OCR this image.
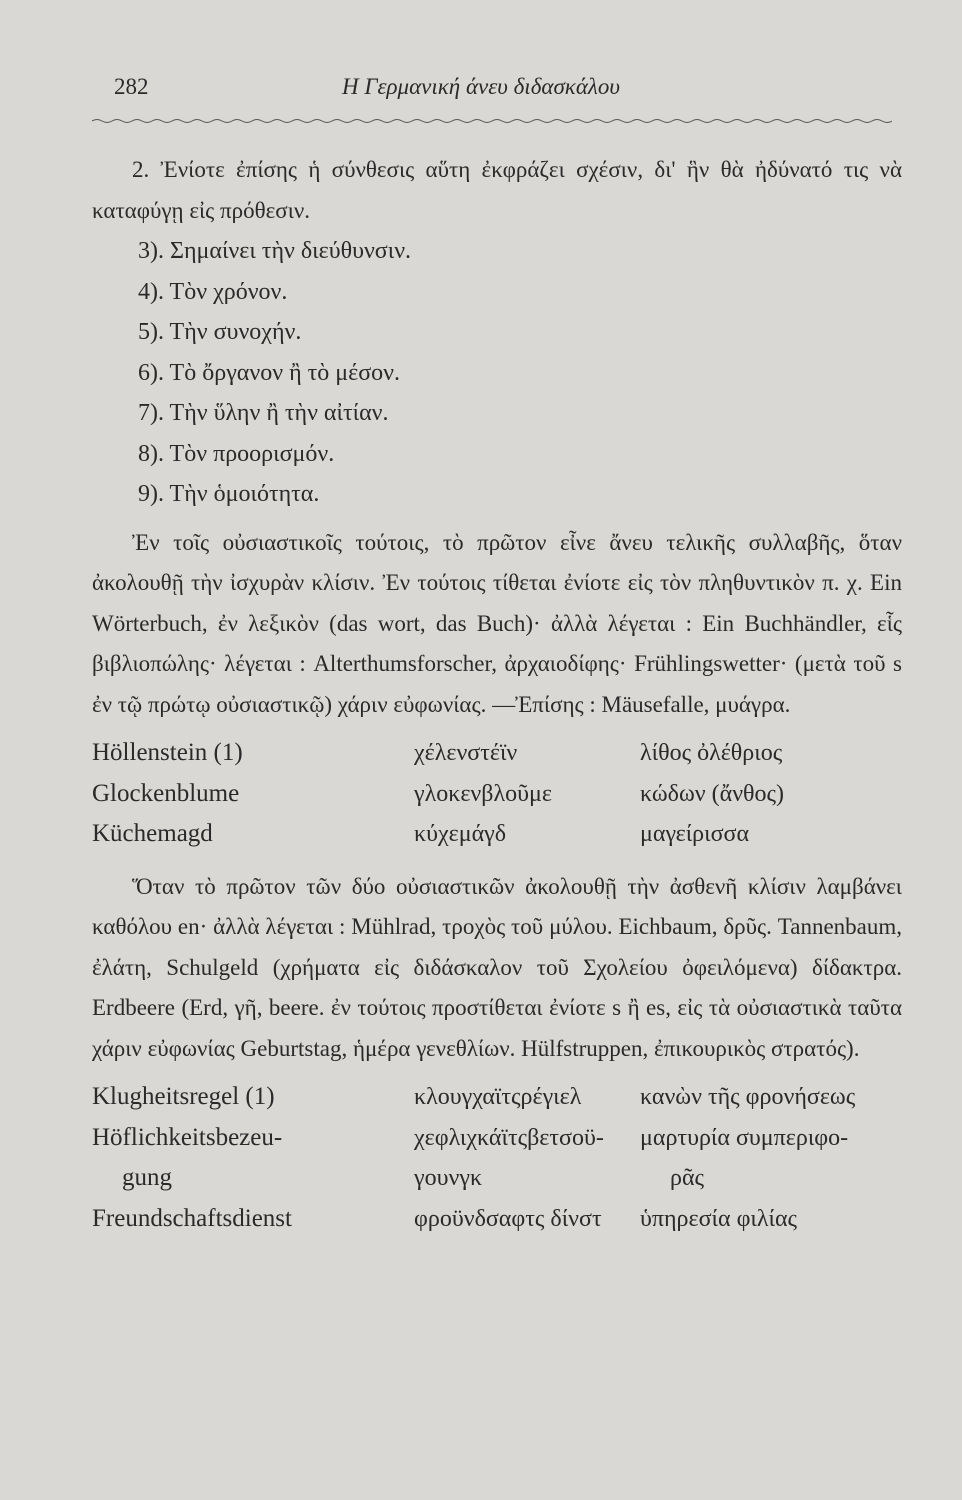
282	Η Γερμανική άνευ διδασκάλου

2. Ἐνίοτε ἐπίσης ἡ σύνθεσις αὕτη ἐκφράζει σχέσιν, δι' ἣν θὰ ἠδύνατό τις νὰ καταφύγῃ εἰς πρόθεσιν.

3). Σημαίνει τὴν διεύθυνσιν.
4). Τὸν χρόνον.
5). Τὴν συνοχήν.
6). Τὸ ὄργανον ἢ τὸ μέσον.
7). Τὴν ὕλην ἢ τὴν αἰτίαν.
8). Τὸν προορισμόν.
9). Τὴν ὁμοιότητα.

Ἐν τοῖς οὐσιαστικοῖς τούτοις, τὸ πρῶτον εἶνε ἄνευ τελικῆς συλλαβῆς, ὅταν ἀκολουθῇ τὴν ἰσχυρὰν κλίσιν. Ἐν τούτοις τίθεται ἐνίοτε εἰς τὸν πληθυντικὸν π. χ. Ein Wörterbuch, ἐν λεξικὸν (das wort, das Buch)· ἀλλὰ λέγεται : Ein Buchhändler, εἷς βιβλιοπώλης· λέγεται : Alterthumsforscher, ἀρχαιοδίφης· Frühlingswetter· (μετὰ τοῦ s ἐν τῷ πρώτῳ οὐσιαστικῷ) χάριν εὐφωνίας. —Ἐπίσης : Mäusefalle, μυάγρα.

Höllenstein (1)	χέλενστέϊν	λίθος ὀλέθριος
Glockenblume	γλοκενβλοῦμε	κώδων (ἄνθος)
Küchemagd	κύχεμάγδ	μαγείρισσα

Ὅταν τὸ πρῶτον τῶν δύο οὐσιαστικῶν ἀκολουθῇ τὴν ἀσθενῆ κλίσιν λαμβάνει καθόλου en· ἀλλὰ λέγεται : Mühlrad, τροχὸς τοῦ μύλου. Eichbaum, δρῦς. Tannenbaum, ἐλάτη, Schulgeld (χρήματα εἰς διδάσκαλον τοῦ Σχολείου ὀφειλόμενα) δίδακτρα. Erdbeere (Erd, γῆ, beere. ἐν τούτοις προστίθεται ἐνίοτε s ἢ es, εἰς τὰ οὐσιαστικὰ ταῦτα χάριν εὐφωνίας Geburtstag, ἡμέρα γενεθλίων. Hülfstruppen, ἐπικουρικὸς στρατός).

Klugheitsregel (1)	κλουγχαϊτςρέγιελ	κανὼν τῆς φρονήσεως
Höflichkeitsbezeu-	χεφλιχκάϊτςβετσοϋ-	μαρτυρία συμπεριφο-
gung	γουνγκ	ρᾶς
Freundschaftsdienst	φροϋνδσαφτς δίνστ	ὑπηρεσία φιλίας
